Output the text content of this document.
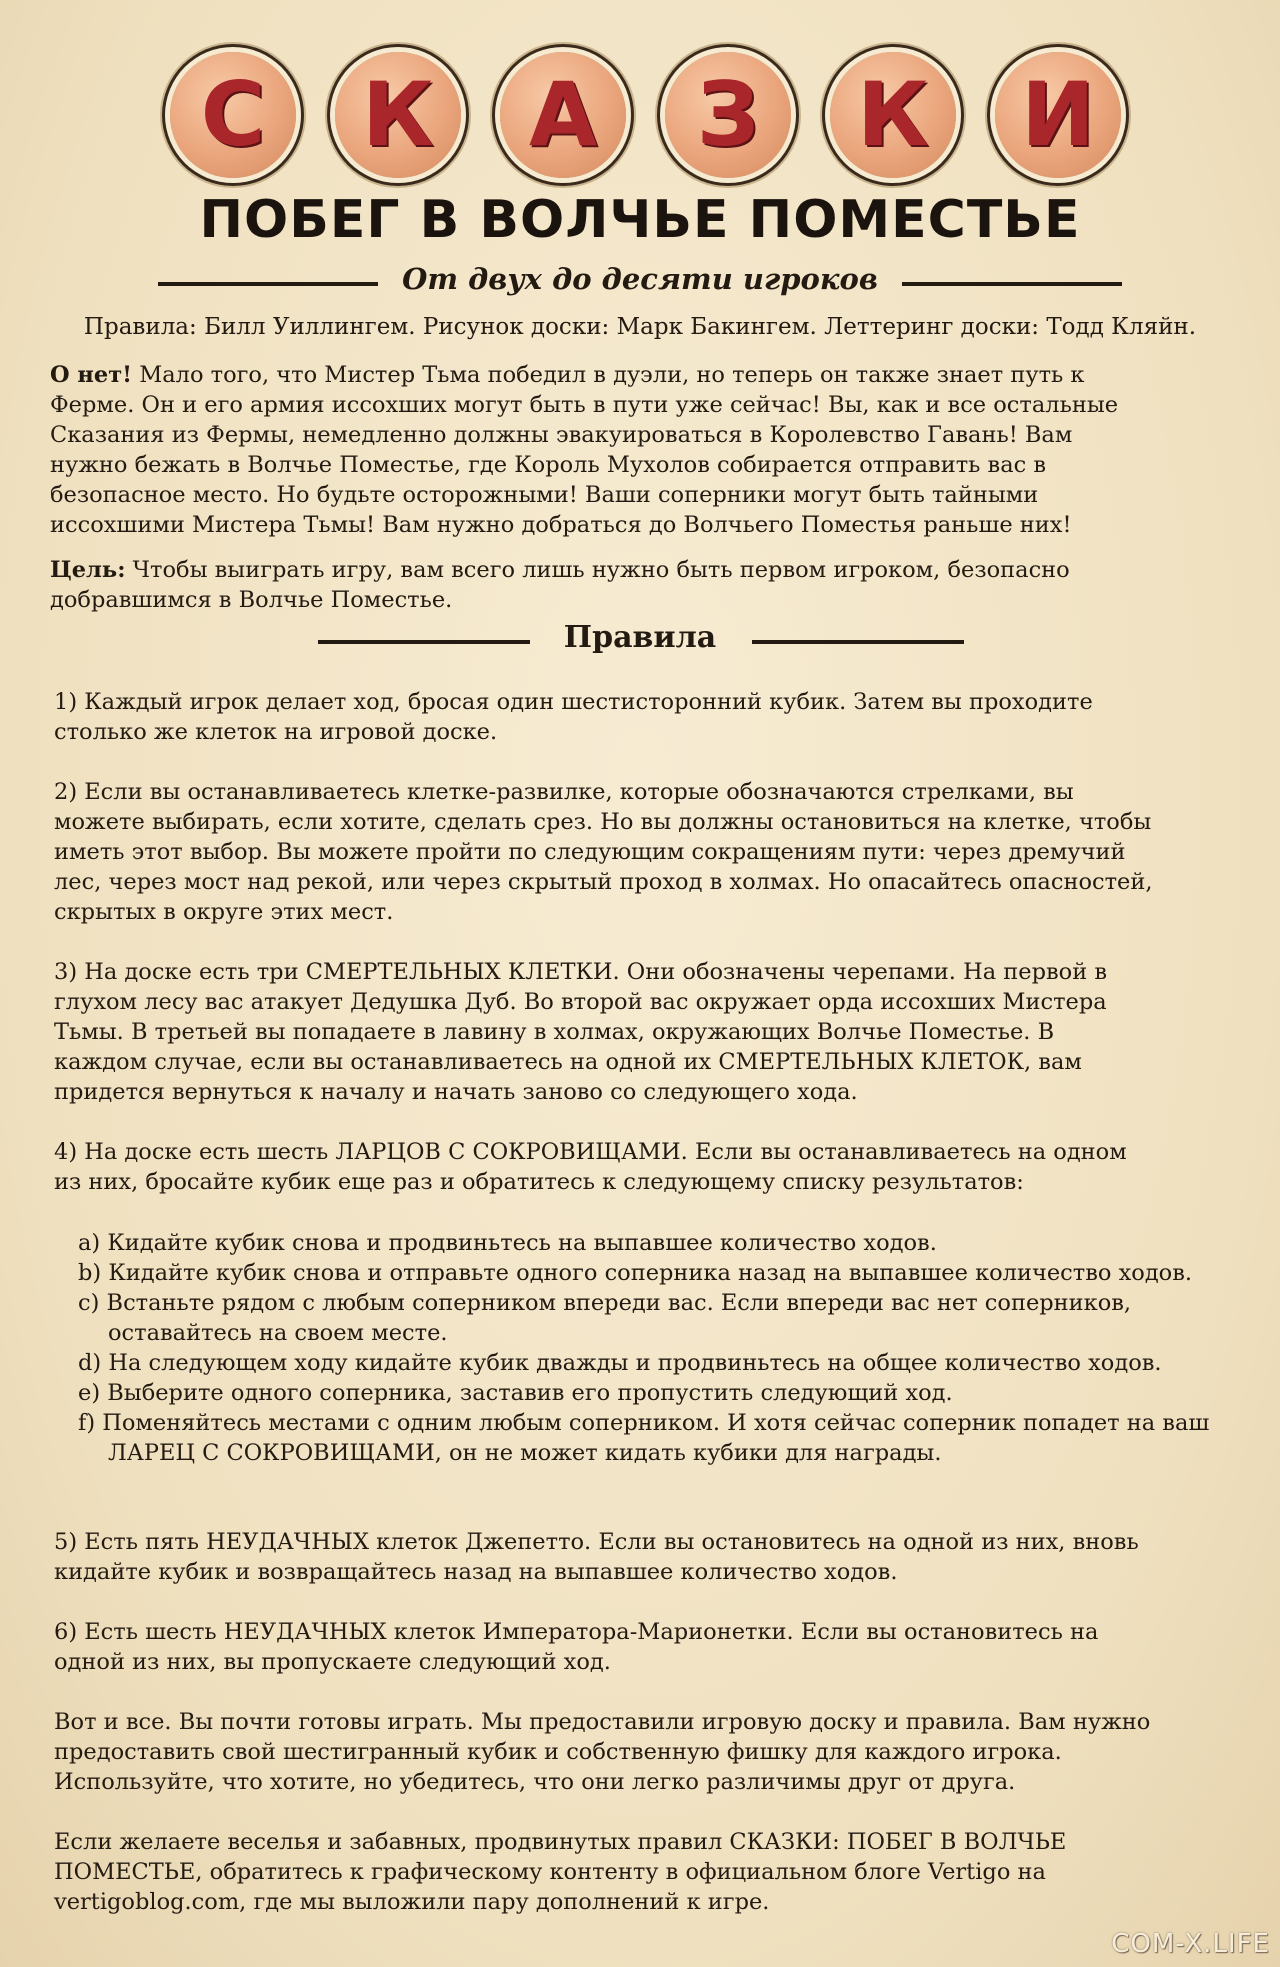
С К А З К И
ПОБЕГ В ВОЛЧЬЕ ПОМЕСТЬЕ
От двух до десяти игроков
Правила: Билл Уиллингем. Рисунок доски: Марк Бакингем. Леттеринг доски: Тодд Кляйн.
О нет! Мало того, что Мистер Тьма победил в дуэли, но теперь он также знает путь к
Ферме. Он и его армия иссохших могут быть в пути уже сейчас! Вы, как и все остальные
Сказания из Фермы, немедленно должны эвакуироваться в Королевство Гавань! Вам
нужно бежать в Волчье Поместье, где Король Мухолов собирается отправить вас в
безопасное место. Но будьте осторожными! Ваши соперники могут быть тайными
иссохшими Мистера Тьмы! Вам нужно добраться до Волчьего Поместья раньше них!
Цель: Чтобы выиграть игру, вам всего лишь нужно быть первом игроком, безопасно
добравшимся в Волчье Поместье.
Правила

1) Каждый игрок делает ход, бросая один шестисторонний кубик. Затем вы проходите

столько же клеток на игровой доске.

2) Если вы останавливаетесь клетке-развилке, которые обозначаются стрелками, вы

можете выбирать, если хотите, сделать срез. Но вы должны остановиться на клетке, чтобы

иметь этот выбор. Вы можете пройти по следующим сокращениям пути: через дремучий

лес, через мост над рекой, или через скрытый проход в холмах. Но опасайтесь опасностей,

скрытых в округе этих мест.

3) На доске есть три СМЕРТЕЛЬНЫХ КЛЕТКИ. Они обозначены черепами. На первой в

глухом лесу вас атакует Дедушка Дуб. Во второй вас окружает орда иссохших Мистера

Тьмы. В третьей вы попадаете в лавину в холмах, окружающих Волчье Поместье. В

каждом случае, если вы останавливаетесь на одной их СМЕРТЕЛЬНЫХ КЛЕТОК, вам

придется вернуться к началу и начать заново со следующего хода.

4) На доске есть шесть ЛАРЦОВ С СОКРОВИЩАМИ. Если вы останавливаетесь на одном

из них, бросайте кубик еще раз и обратитесь к следующему списку результатов:

a) Кидайте кубик снова и продвиньтесь на выпавшее количество ходов.

b) Кидайте кубик снова и отправьте одного соперника назад на выпавшее количество ходов.

c) Встаньте рядом с любым соперником впереди вас. Если впереди вас нет соперников, оставайтесь на своем месте.

d) На следующем ходу кидайте кубик дважды и продвиньтесь на общее количество ходов.

e) Выберите одного соперника, заставив его пропустить следующий ход.

f) Поменяйтесь местами с одним любым соперником. И хотя сейчас соперник попадет на ваш ЛАРЕЦ С СОКРОВИЩАМИ, он не может кидать кубики для награды.

5) Есть пять НЕУДАЧНЫХ клеток Джепетто. Если вы остановитесь на одной из них, вновь

кидайте кубик и возвращайтесь назад на выпавшее количество ходов.

6) Есть шесть НЕУДАЧНЫХ клеток Императора-Марионетки. Если вы остановитесь на

одной из них, вы пропускаете следующий ход.

Вот и все. Вы почти готовы играть. Мы предоставили игровую доску и правила. Вам нужно

предоставить свой шестигранный кубик и собственную фишку для каждого игрока.

Используйте, что хотите, но убедитесь, что они легко различимы друг от друга.

Если желаете веселья и забавных, продвинутых правил СКАЗКИ: ПОБЕГ В ВОЛЧЬЕ

ПОМЕСТЬЕ, обратитесь к графическому контенту в официальном блоге Vertigo на

vertigoblog.com, где мы выложили пару дополнений к игре.

COM-X.LIFE
